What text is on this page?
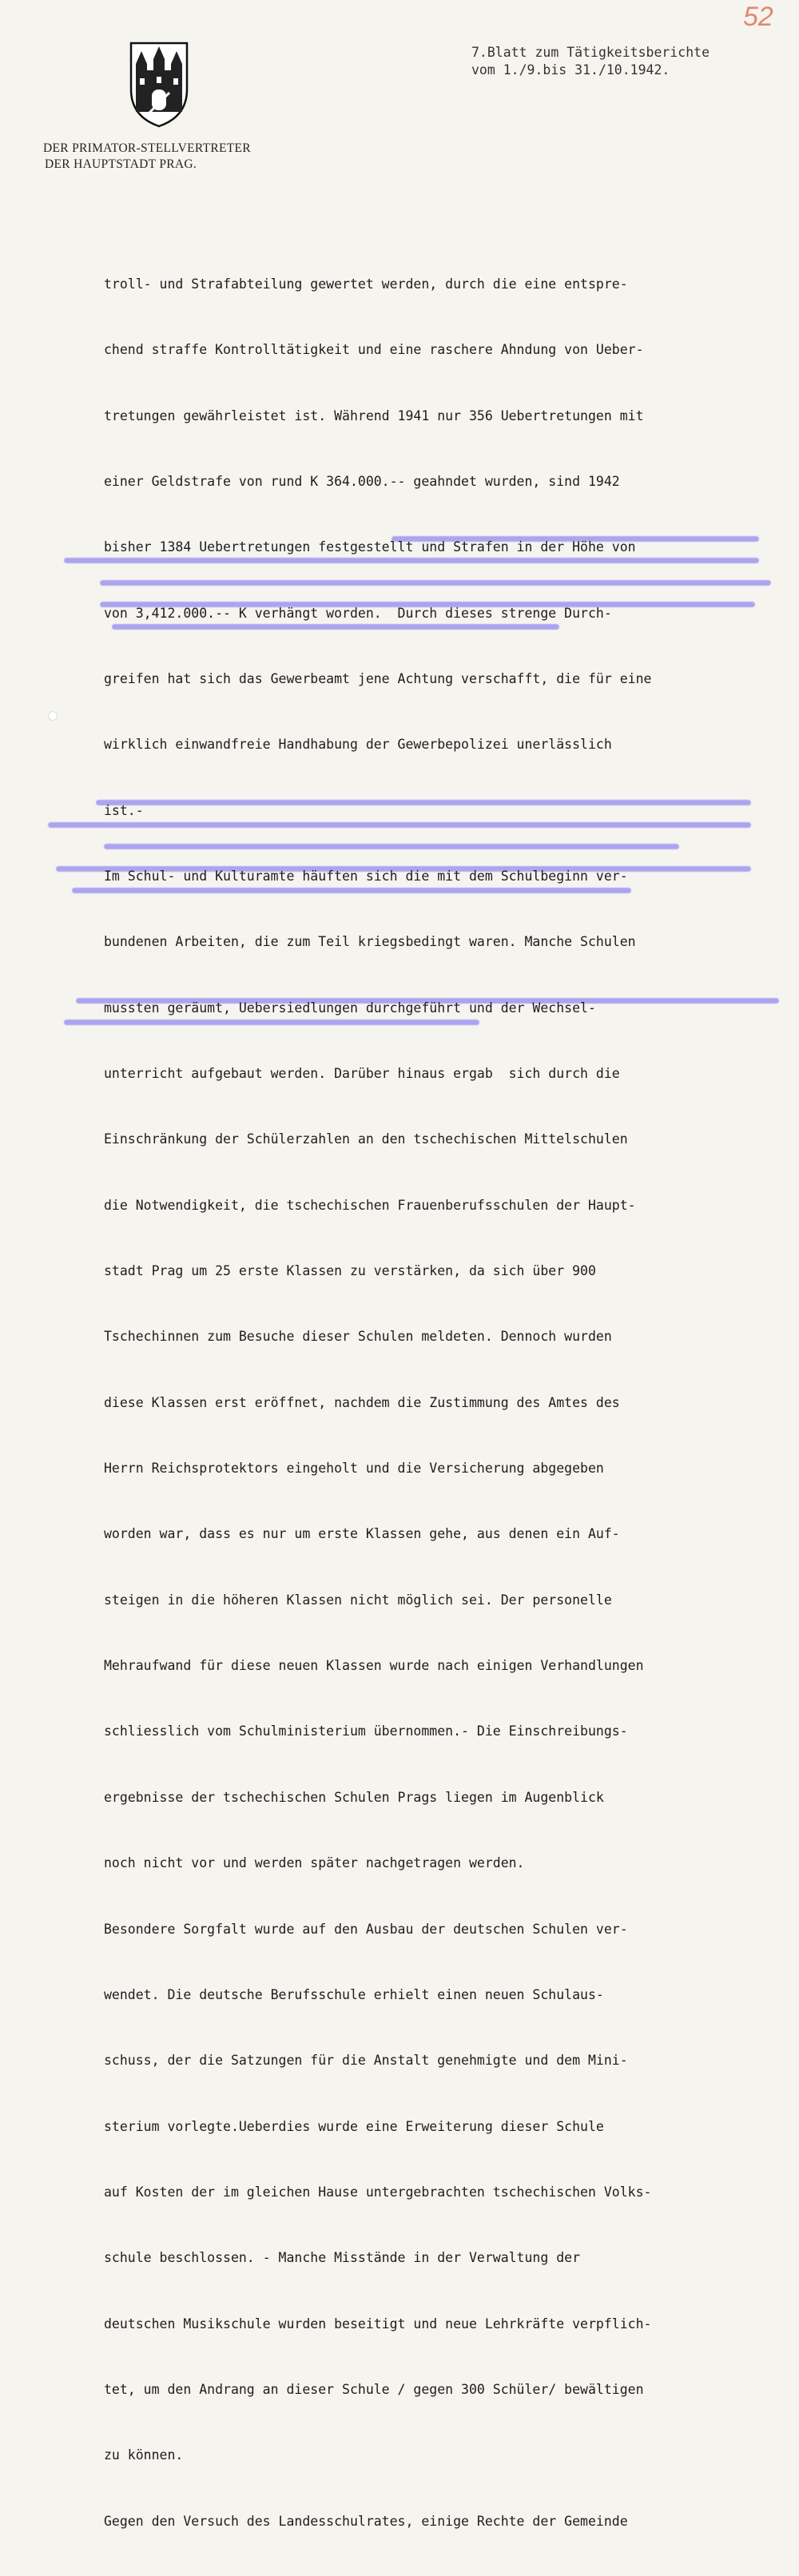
52
DER PRIMATOR-STELLVERTRETER
DER HAUPTSTADT PRAG.
7.Blatt zum Tätigkeitsberichte
vom 1./9.bis 31./10.1942.

troll- und Strafabteilung gewertet werden, durch die eine entspre-

chend straffe Kontrolltätigkeit und eine raschere Ahndung von Ueber-

tretungen gewährleistet ist. Während 1941 nur 356 Uebertretungen mit

einer Geldstrafe von rund K 364.000.-- geahndet wurden, sind 1942

bisher 1384 Uebertretungen festgestellt und Strafen in der Höhe von

von 3,412.000.-- K verhängt worden.  Durch dieses strenge Durch-

greifen hat sich das Gewerbeamt jene Achtung verschafft, die für eine

wirklich einwandfreie Handhabung der Gewerbepolizei unerlässlich

ist.-

Im Schul- und Kulturamte häuften sich die mit dem Schulbeginn ver-

bundenen Arbeiten, die zum Teil kriegsbedingt waren. Manche Schulen

mussten geräumt, Uebersiedlungen durchgeführt und der Wechsel-

unterricht aufgebaut werden. Darüber hinaus ergab  sich durch die

Einschränkung der Schülerzahlen an den tschechischen Mittelschulen

die Notwendigkeit, die tschechischen Frauenberufsschulen der Haupt-

stadt Prag um 25 erste Klassen zu verstärken, da sich über 900

Tschechinnen zum Besuche dieser Schulen meldeten. Dennoch wurden

diese Klassen erst eröffnet, nachdem die Zustimmung des Amtes des

Herrn Reichsprotektors eingeholt und die Versicherung abgegeben

worden war, dass es nur um erste Klassen gehe, aus denen ein Auf-

steigen in die höheren Klassen nicht möglich sei. Der personelle

Mehraufwand für diese neuen Klassen wurde nach einigen Verhandlungen

schliesslich vom Schulministerium übernommen.- Die Einschreibungs-

ergebnisse der tschechischen Schulen Prags liegen im Augenblick

noch nicht vor und werden später nachgetragen werden.

Besondere Sorgfalt wurde auf den Ausbau der deutschen Schulen ver-

wendet. Die deutsche Berufsschule erhielt einen neuen Schulaus-

schuss, der die Satzungen für die Anstalt genehmigte und dem Mini-

sterium vorlegte.Ueberdies wurde eine Erweiterung dieser Schule

auf Kosten der im gleichen Hause untergebrachten tschechischen Volks-

schule beschlossen. - Manche Misstände in der Verwaltung der

deutschen Musikschule wurden beseitigt und neue Lehrkräfte verpflich-

tet, um den Andrang an dieser Schule / gegen 300 Schüler/ bewältigen

zu können.

Gegen den Versuch des Landesschulrates, einige Rechte der Gemeinde
